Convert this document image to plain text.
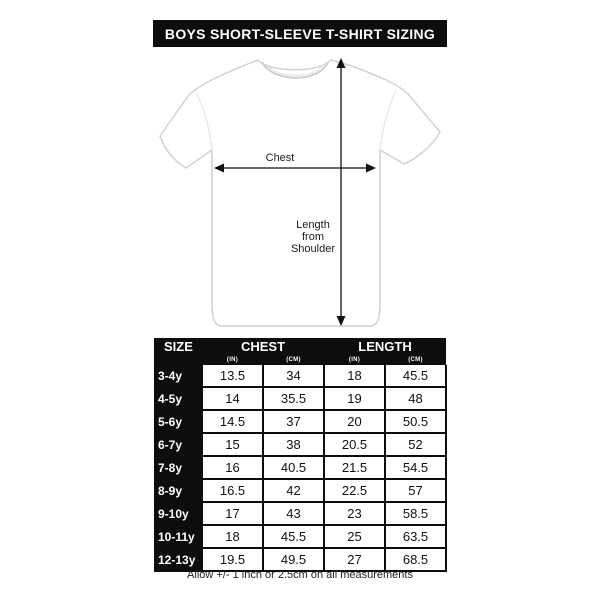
BOYS SHORT-SLEEVE T-SHIRT SIZING
Chest
Length
from
Shoulder
SIZE	CHEST		LENGTH	
	(IN)	(CM)	(IN)	(CM)
3-4y	13.5	34	18	45.5
4-5y	14	35.5	19	48
5-6y	14.5	37	20	50.5
6-7y	15	38	20.5	52
7-8y	16	40.5	21.5	54.5
8-9y	16.5	42	22.5	57
9-10y	17	43	23	58.5
10-11y	18	45.5	25	63.5
12-13y	19.5	49.5	27	68.5
Allow +/- 1 inch or 2.5cm on all measurements
